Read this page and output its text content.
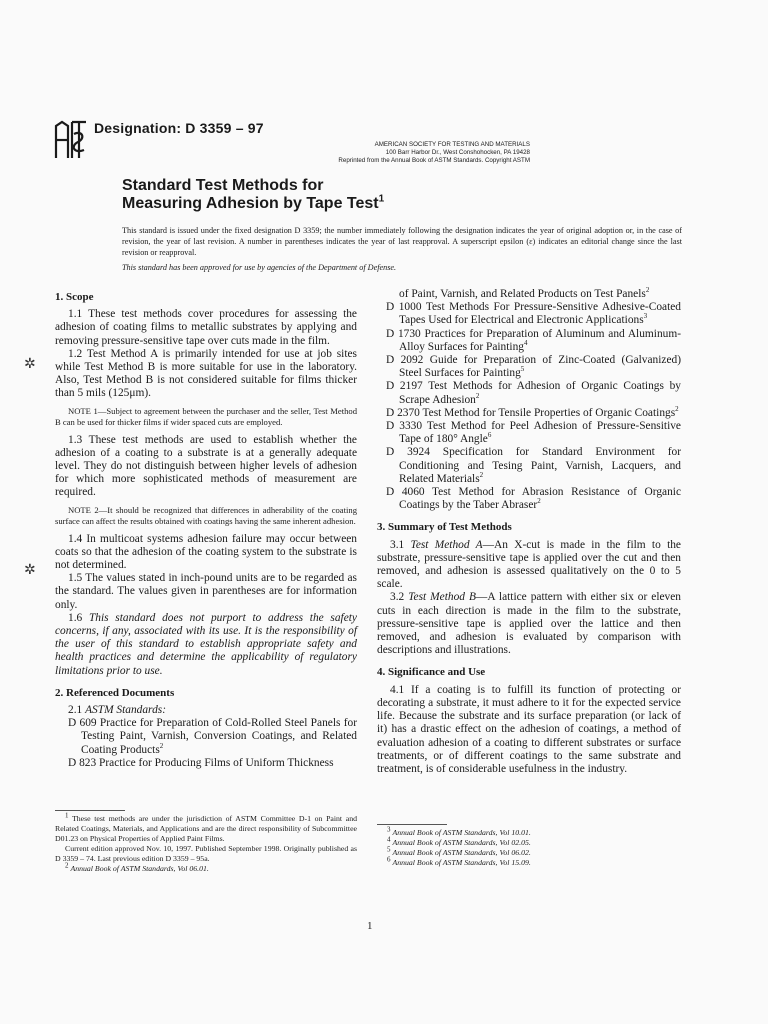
Designation: D 3359 – 97
AMERICAN SOCIETY FOR TESTING AND MATERIALS
100 Barr Harbor Dr., West Conshohocken, PA 19428
Reprinted from the Annual Book of ASTM Standards. Copyright ASTM
Standard Test Methods for
Measuring Adhesion by Tape Test$^1$
This standard is issued under the fixed designation D 3359; the number immediately following the designation indicates the year of original adoption or, in the case of revision, the year of last revision. A number in parentheses indicates the year of last reapproval. A superscript epsilon (ε) indicates an editorial change since the last revision or reapproval.
This standard has been approved for use by agencies of the Department of Defense.
✲
✲

1. Scope

1.1 These test methods cover procedures for assessing the adhesion of coating films to metallic substrates by applying and removing pressure-sensitive tape over cuts made in the film.

1.2 Test Method A is primarily intended for use at job sites while Test Method B is more suitable for use in the laboratory. Also, Test Method B is not considered suitable for films thicker than 5 mils (125μm).

NOTE 1—Subject to agreement between the purchaser and the seller, Test Method B can be used for thicker films if wider spaced cuts are employed.

1.3 These test methods are used to establish whether the adhesion of a coating to a substrate is at a generally adequate level. They do not distinguish between higher levels of adhesion for which more sophisticated methods of measurement are required.

NOTE 2—It should be recognized that differences in adherability of the coating surface can affect the results obtained with coatings having the same inherent adhesion.

1.4 In multicoat systems adhesion failure may occur between coats so that the adhesion of the coating system to the substrate is not determined.

1.5 The values stated in inch-pound units are to be regarded as the standard. The values given in parentheses are for information only.

1.6 This standard does not purport to address the safety concerns, if any, associated with its use. It is the responsibility of the user of this standard to establish appropriate safety and health practices and determine the applicability of regulatory limitations prior to use.

2. Referenced Documents

2.1 ASTM Standards:

D 609 Practice for Preparation of Cold-Rolled Steel Panels for Testing Paint, Varnish, Conversion Coatings, and Related Coating Products$^2$

D 823 Practice for Producing Films of Uniform Thickness

of Paint, Varnish, and Related Products on Test Panels$^2$

D 1000 Test Methods For Pressure-Sensitive Adhesive-Coated Tapes Used for Electrical and Electronic Applications$^3$

D 1730 Practices for Preparation of Aluminum and Aluminum-Alloy Surfaces for Painting$^4$

D 2092 Guide for Preparation of Zinc-Coated (Galvanized) Steel Surfaces for Painting$^5$

D 2197 Test Methods for Adhesion of Organic Coatings by Scrape Adhesion$^2$

D 2370 Test Method for Tensile Properties of Organic Coatings$^2$

D 3330 Test Method for Peel Adhesion of Pressure-Sensitive Tape of 180° Angle$^6$

D 3924 Specification for Standard Environment for Conditioning and Tesing Paint, Varnish, Lacquers, and Related Materials$^2$

D 4060 Test Method for Abrasion Resistance of Organic Coatings by the Taber Abraser$^2$

3. Summary of Test Methods

3.1 Test Method A—An X-cut is made in the film to the substrate, pressure-sensitive tape is applied over the cut and then removed, and adhesion is assessed qualitatively on the 0 to 5 scale.

3.2 Test Method B—A lattice pattern with either six or eleven cuts in each direction is made in the film to the substrate, pressure-sensitive tape is applied over the lattice and then removed, and adhesion is evaluated by comparison with descriptions and illustrations.

4. Significance and Use

4.1 If a coating is to fulfill its function of protecting or decorating a substrate, it must adhere to it for the expected service life. Because the substrate and its surface preparation (or lack of it) has a drastic effect on the adhesion of coatings, a method of evaluation adhesion of a coating to different substrates or surface treatments, or of different coatings to the same substrate and treatment, is of considerable usefulness in the industry.

$^1$ These test methods are under the jurisdiction of ASTM Committee D-1 on Paint and Related Coatings, Materials, and Applications and are the direct responsibility of Subcommittee D01.23 on Physical Properties of Applied Paint Films.

Current edition approved Nov. 10, 1997. Published September 1998. Originally published as D 3359 – 74. Last previous edition D 3359 – 95a.

$^2$ Annual Book of ASTM Standards, Vol 06.01.

$^3$ Annual Book of ASTM Standards, Vol 10.01.

$^4$ Annual Book of ASTM Standards, Vol 02.05.

$^5$ Annual Book of ASTM Standards, Vol 06.02.

$^6$ Annual Book of ASTM Standards, Vol 15.09.

1
